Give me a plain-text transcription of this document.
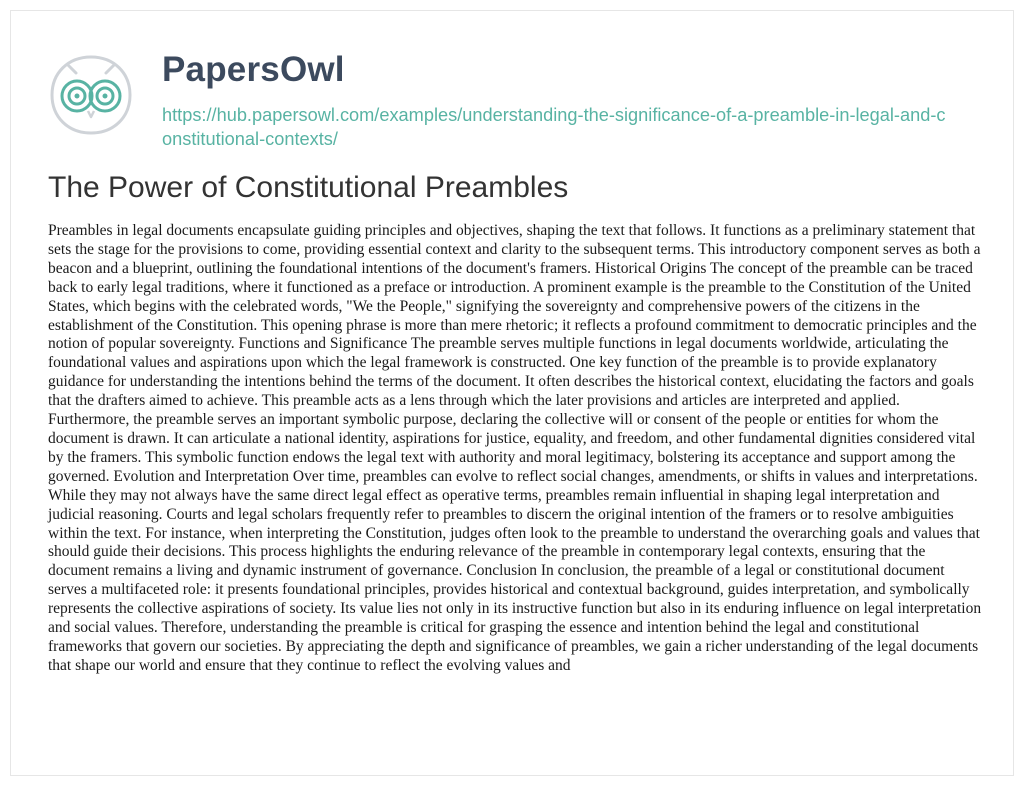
PapersOwl
https://hub.papersowl.com/examples/understanding-the-significance-of-a-preamble-in-legal-and-constitutional-contexts/
The Power of Constitutional Preambles

Preambles in legal documents encapsulate guiding principles and objectives, shaping the text that follows. It functions as a preliminary statement that sets the stage for the provisions to come, providing essential context and clarity to the subsequent terms. This introductory component serves as both a beacon and a blueprint, outlining the foundational intentions of the document's framers. Historical Origins The concept of the preamble can be traced back to early legal traditions, where it functioned as a preface or introduction. A prominent example is the preamble to the Constitution of the United States, which begins with the celebrated words, "We the People," signifying the sovereignty and comprehensive powers of the citizens in the establishment of the Constitution. This opening phrase is more than mere rhetoric; it reflects a profound commitment to democratic principles and the notion of popular sovereignty. Functions and Significance The preamble serves multiple functions in legal documents worldwide, articulating the foundational values and aspirations upon which the legal framework is constructed. One key function of the preamble is to provide explanatory guidance for understanding the intentions behind the terms of the document. It often describes the historical context, elucidating the factors and goals that the drafters aimed to achieve. This preamble acts as a lens through which the later provisions and articles are interpreted and applied. Furthermore, the preamble serves an important symbolic purpose, declaring the collective will or consent of the people or entities for whom the document is drawn. It can articulate a national identity, aspirations for justice, equality, and freedom, and other fundamental dignities considered vital by the framers. This symbolic function endows the legal text with authority and moral legitimacy, bolstering its acceptance and support among the governed. Evolution and Interpretation Over time, preambles can evolve to reflect social changes, amendments, or shifts in values and interpretations. While they may not always have the same direct legal effect as operative terms, preambles remain influential in shaping legal interpretation and judicial reasoning. Courts and legal scholars frequently refer to preambles to discern the original intention of the framers or to resolve ambiguities within the text. For instance, when interpreting the Constitution, judges often look to the preamble to understand the overarching goals and values that should guide their decisions. This process highlights the enduring relevance of the preamble in contemporary legal contexts, ensuring that the document remains a living and dynamic instrument of governance. Conclusion In conclusion, the preamble of a legal or constitutional document serves a multifaceted role: it presents foundational principles, provides historical and contextual background, guides interpretation, and symbolically represents the collective aspirations of society. Its value lies not only in its instructive function but also in its enduring influence on legal interpretation and social values. Therefore, understanding the preamble is critical for grasping the essence and intention behind the legal and constitutional frameworks that govern our societies. By appreciating the depth and significance of preambles, we gain a richer understanding of the legal documents that shape our world and ensure that they continue to reflect the evolving values and
